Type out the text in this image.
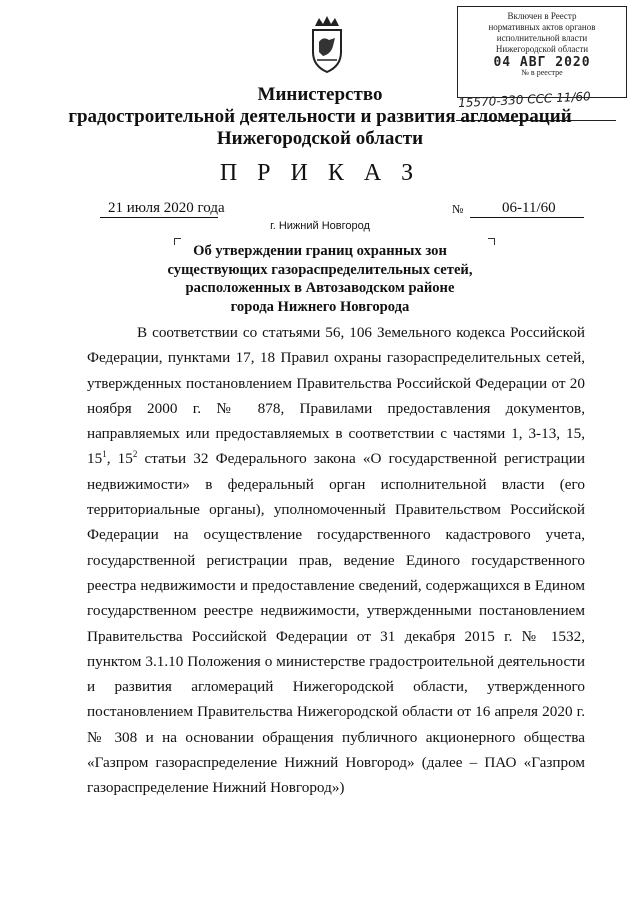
Включен в Реестр
нормативных актов органов
исполнительной власти
Нижегородской области
04 АВГ 2020
№ в реестре
15570-330 ССС 11/60
Министерство
градостроительной деятельности и развития агломераций
Нижегородской области
П Р И К А З
21 июля 2020 года	№	06-11/60
г. Нижний Новгород
Об утверждении границ охранных зон
существующих газораспределительных сетей,
расположенных в Автозаводском районе
города Нижнего Новгорода

В соответствии со статьями 56, 106 Земельного кодекса Российской Федерации, пунктами 17, 18 Правил охраны газораспределительных сетей, утвержденных постановлением Правительства Российской Федерации от 20 ноября 2000 г. № 878, Правилами предоставления документов, направляемых или предоставляемых в соответствии с частями 1, 3-13, 15, $15^1$, $15^2$ статьи 32 Федерального закона «О государственной регистрации недвижимости» в федеральный орган исполнительной власти (его территориальные органы), уполномоченный Правительством Российской Федерации на осуществление государственного кадастрового учета, государственной регистрации прав, ведение Единого государственного реестра недвижимости и предоставление сведений, содержащихся в Едином государственном реестре недвижимости, утвержденными постановлением Правительства Российской Федерации от 31 декабря 2015 г. № 1532, пунктом 3.1.10 Положения о министерстве градостроительной деятельности и развития агломераций Нижегородской области, утвержденного постановлением Правительства Нижегородской области от 16 апреля 2020 г. № 308 и на основании обращения публичного акционерного общества «Газпром газораспределение Нижний Новгород» (далее – ПАО «Газпром газораспределение Нижний Новгород»)
